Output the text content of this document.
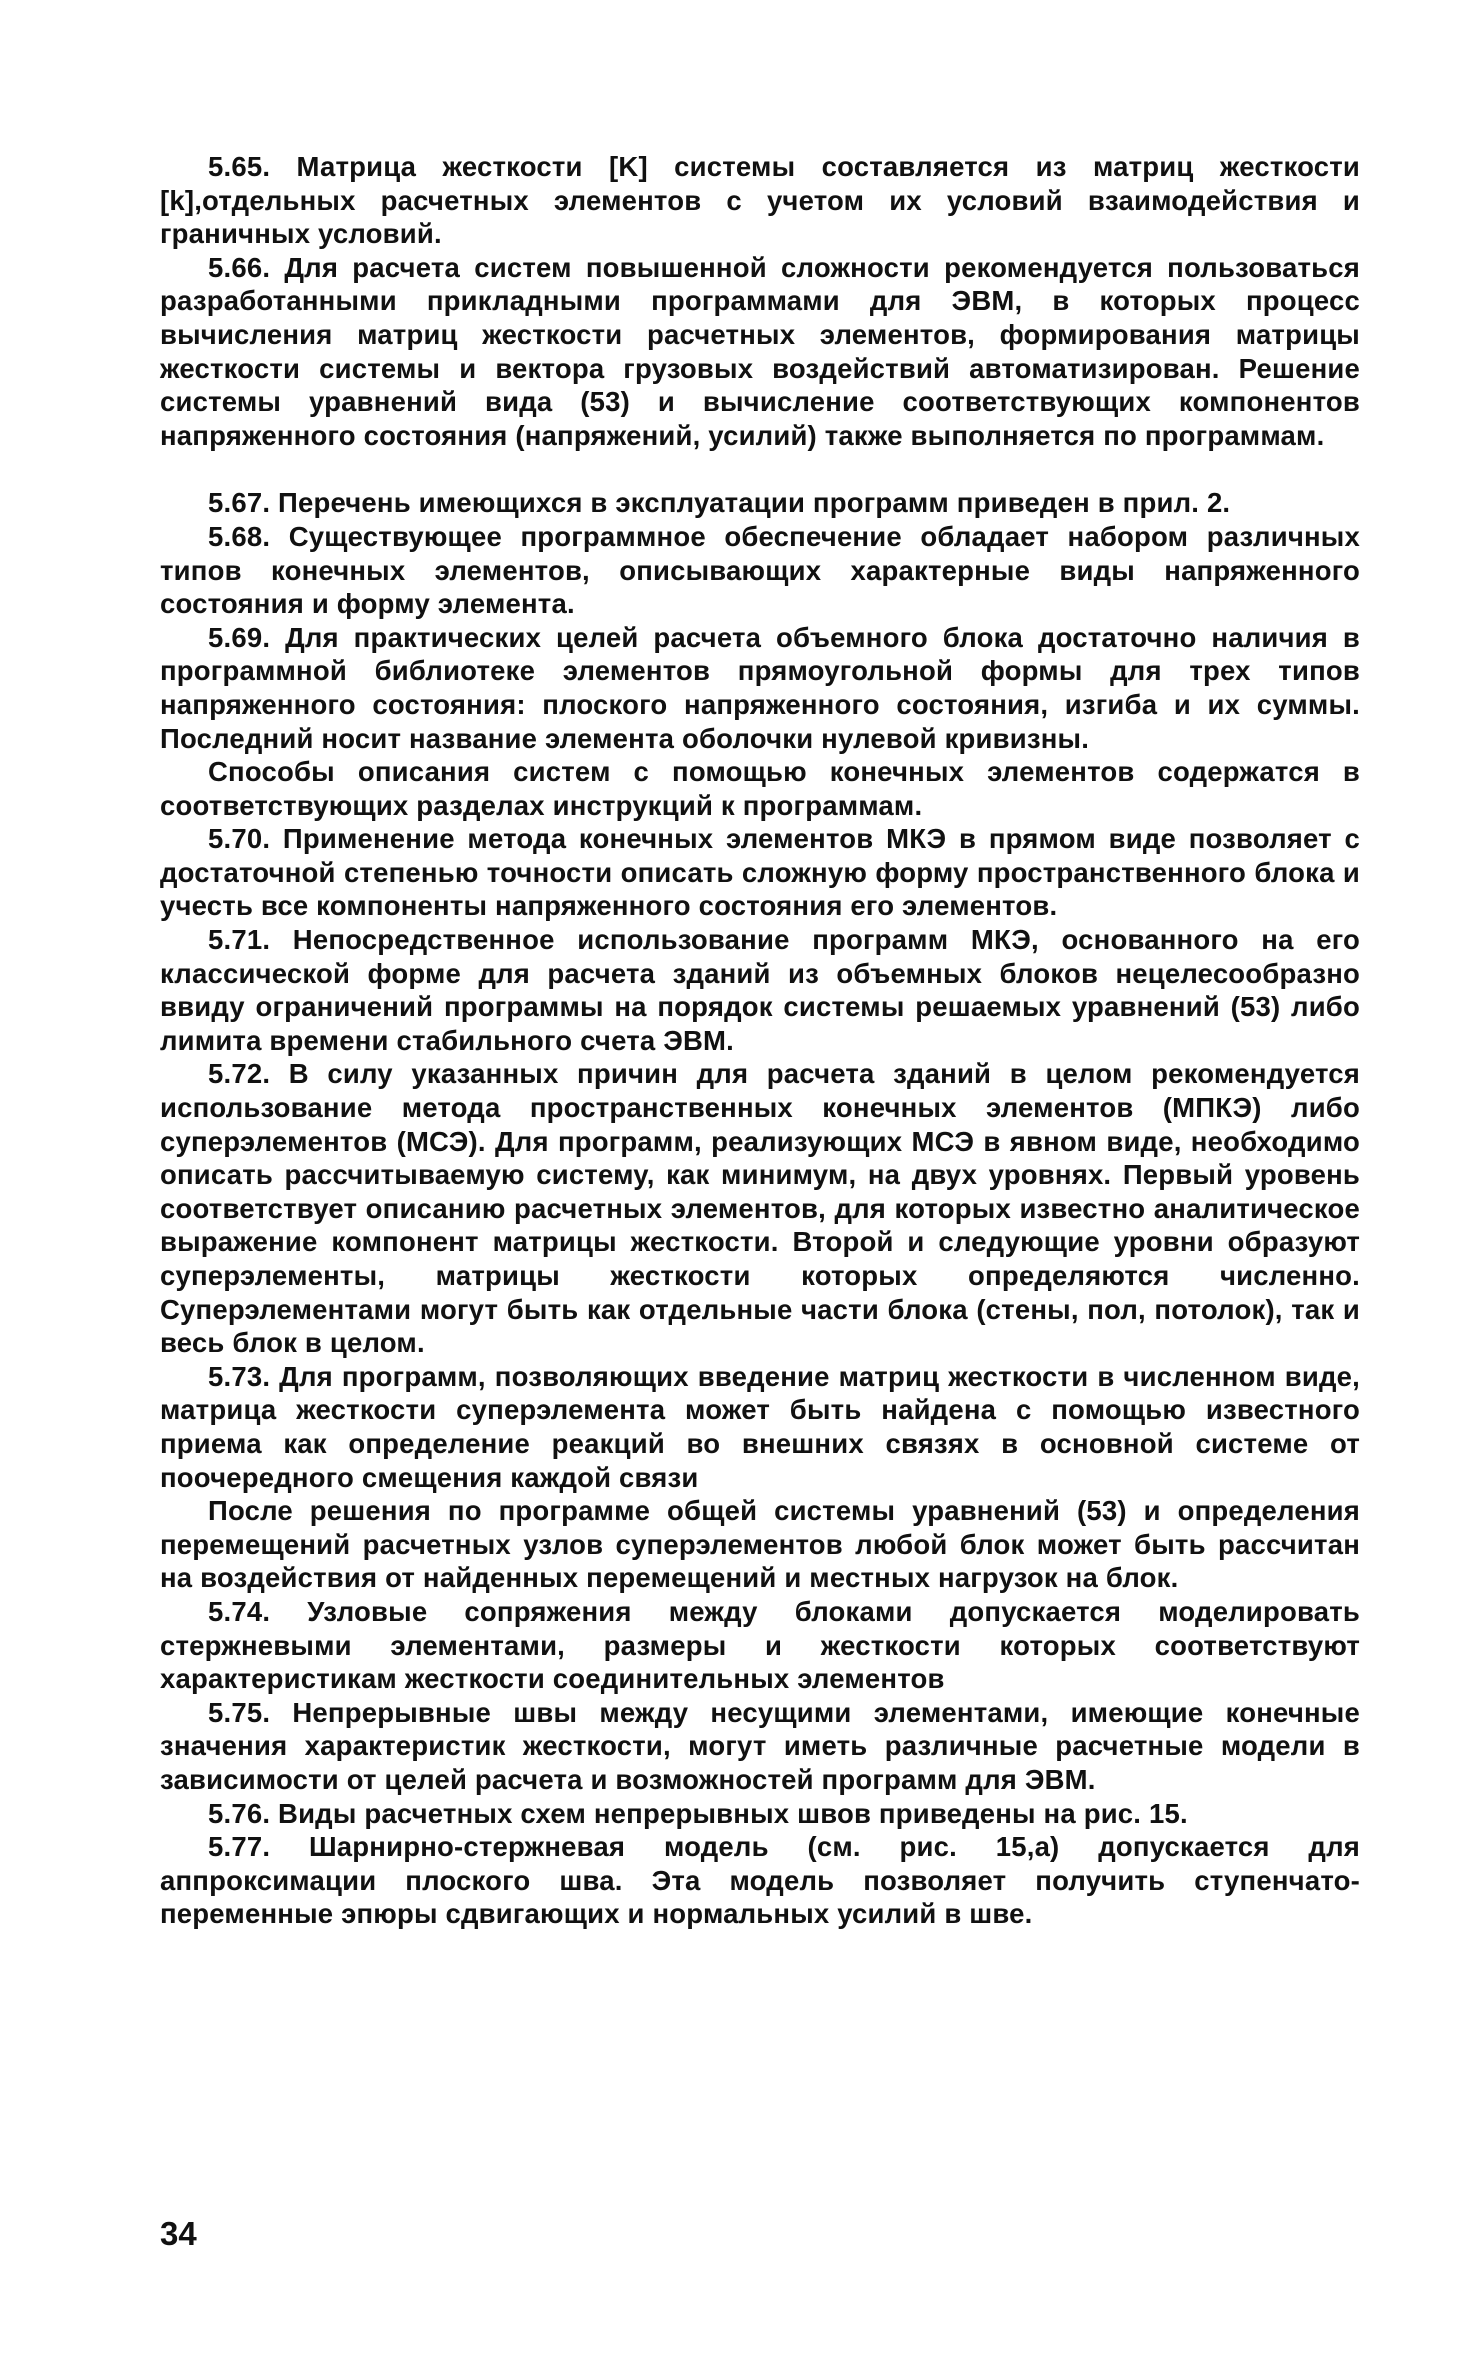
5.65. Матрица жесткости [K] системы составляется из матриц жесткости [k],отдельных расчетных элементов с учетом их условий взаимодействия и граничных условий.

5.66. Для расчета систем повышенной сложности рекомендуется пользоваться разработанными прикладными программами для ЭВМ, в которых процесс вычисления матриц жесткости расчетных элементов, формирования матрицы жесткости системы и вектора грузовых воздействий автоматизирован. Решение системы уравнений вида (53) и вычисление соответствующих компонентов напряженного состояния (напряжений, усилий) также выполняется по программам.

5.67. Перечень имеющихся в эксплуатации программ приведен в прил. 2.

5.68. Существующее программное обеспечение обладает набором различных типов конечных элементов, описывающих характерные виды напряженного состояния и форму элемента.

5.69. Для практических целей расчета объемного блока достаточно наличия в программной библиотеке элементов прямоугольной формы для трех типов напряженного состояния: плоского напряженного состояния, изгиба и их суммы. Последний носит название элемента оболочки нулевой кривизны.

Способы описания систем с помощью конечных элементов содержатся в соответствующих разделах инструкций к программам.

5.70. Применение метода конечных элементов МКЭ в прямом виде позволяет с достаточной степенью точности описать сложную форму пространственного блока и учесть все компоненты напряженного состояния его элементов.

5.71. Непосредственное использование программ МКЭ, основанного на его классической форме для расчета зданий из объемных блоков нецелесообразно ввиду ограничений программы на порядок системы решаемых уравнений (53) либо лимита времени стабильного счета ЭВМ.

5.72. В силу указанных причин для расчета зданий в целом рекомендуется использование метода пространственных конечных элементов (МПКЭ) либо суперэлементов (МСЭ). Для программ, реализующих МСЭ в явном виде, необходимо описать рассчитываемую систему, как минимум, на двух уровнях. Первый уровень соответствует описанию расчетных элементов, для которых известно аналитическое выражение компонент матрицы жесткости. Второй и следующие уровни образуют суперэлементы, матрицы жесткости которых определяются численно. Суперэлементами могут быть как отдельные части блока (стены, пол, потолок), так и весь блок в целом.

5.73. Для программ, позволяющих введение матриц жесткости в численном виде, матрица жесткости суперэлемента может быть найдена с помощью известного приема как определение реакций во внешних связях в основной системе от поочередного смещения каждой связи

После решения по программе общей системы уравнений (53) и определения перемещений расчетных узлов суперэлементов любой блок может быть рассчитан на воздействия от найденных перемещений и местных нагрузок на блок.

5.74. Узловые сопряжения между блоками допускается моделировать стержневыми элементами, размеры и жесткости которых соответствуют характеристикам жесткости соединительных элементов

5.75. Непрерывные швы между несущими элементами, имеющие конечные значения характеристик жесткости, могут иметь различные расчетные модели в зависимости от целей расчета и возможностей программ для ЭВМ.

5.76. Виды расчетных схем непрерывных швов приведены на рис. 15.

5.77. Шарнирно-стержневая модель (см. рис. 15,а) допускается для аппроксимации плоского шва. Эта модель позволяет получить ступенчато-переменные эпюры сдвигающих и нормальных усилий в шве.

34
